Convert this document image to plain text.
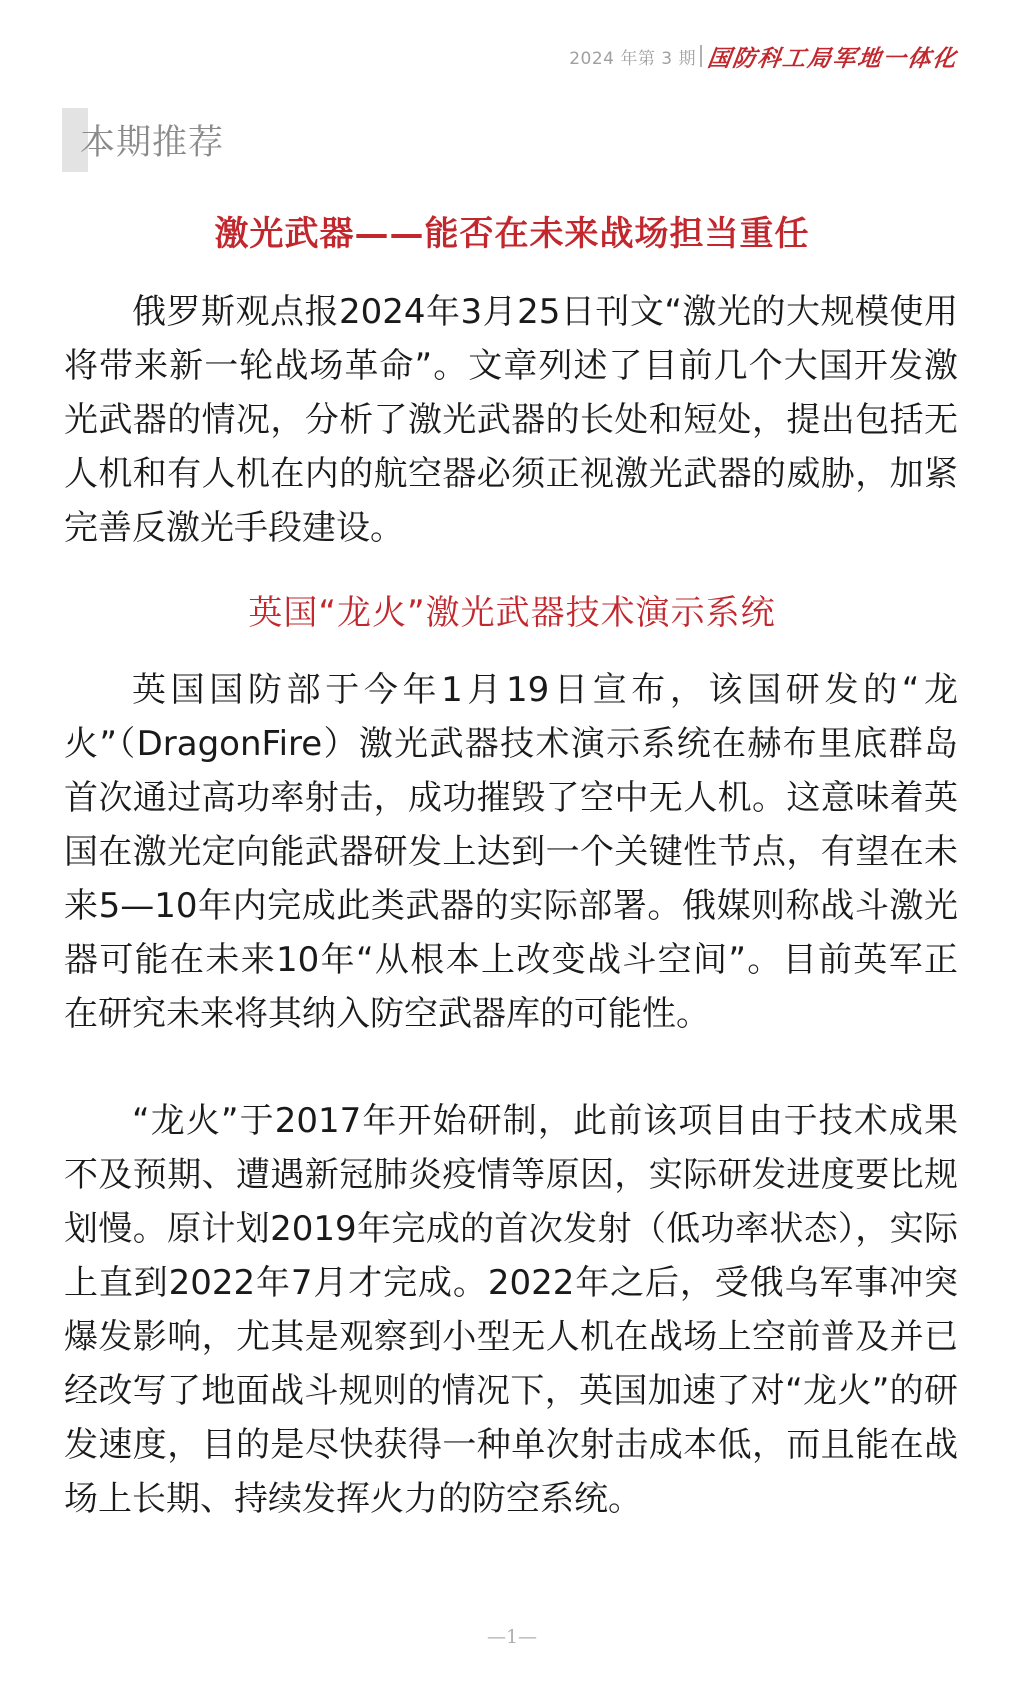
2024 年第 3 期 国防科工局军地一体化
本期推荐
激光武器——能否在未来战场担当重任

俄罗斯观点报2024年3月25日刊文“激光的大规模使用将带来新一轮战场革命”。文章列述了目前几个大国开发激光武器的情况，分析了激光武器的长处和短处，提出包括无人机和有人机在内的航空器必须正视激光武器的威胁，加紧完善反激光手段建设。

英国“龙火”激光武器技术演示系统

英国国防部于今年1月19日宣布，该国研发的“龙火”（DragonFire）激光武器技术演示系统在赫布里底群岛首次通过高功率射击，成功摧毁了空中无人机。这意味着英国在激光定向能武器研发上达到一个关键性节点，有望在未来5—10年内完成此类武器的实际部署。俄媒则称战斗激光器可能在未来10年“从根本上改变战斗空间”。目前英军正在研究未来将其纳入防空武器库的可能性。

“龙火”于2017年开始研制，此前该项目由于技术成果不及预期、遭遇新冠肺炎疫情等原因，实际研发进度要比规划慢。原计划2019年完成的首次发射（低功率状态），实际上直到2022年7月才完成。2022年之后，受俄乌军事冲突爆发影响，尤其是观察到小型无人机在战场上空前普及并已经改写了地面战斗规则的情况下，英国加速了对“龙火”的研发速度，目的是尽快获得一种单次射击成本低，而且能在战场上长期、持续发挥火力的防空系统。

—1—
